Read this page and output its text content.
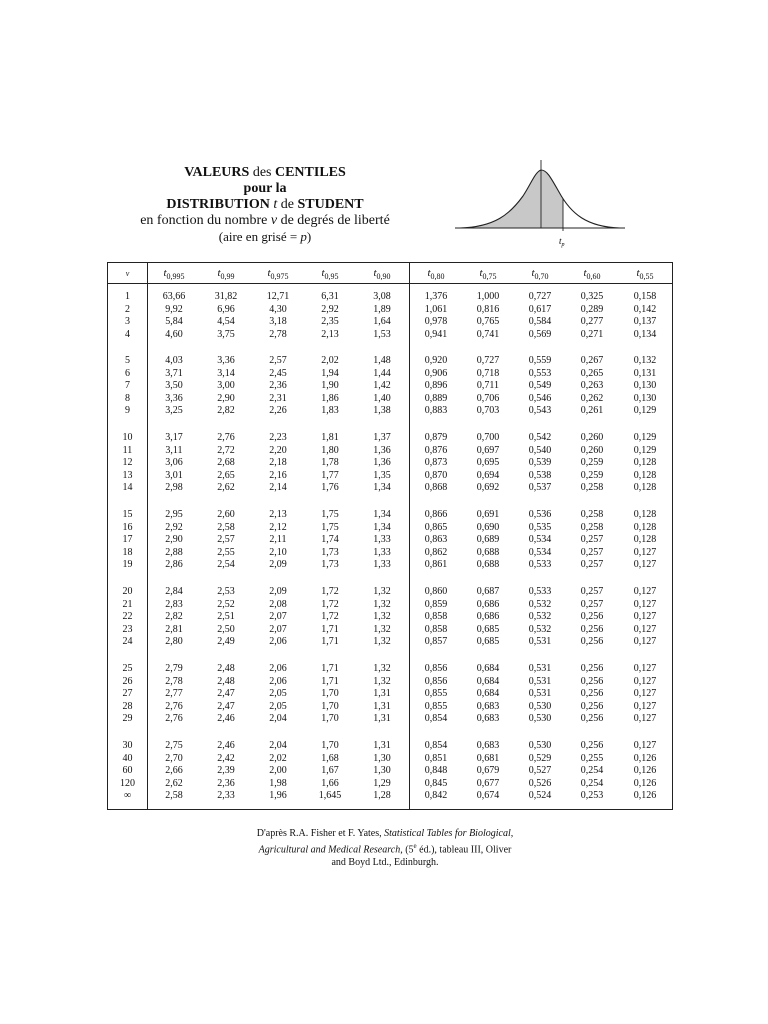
VALEURS des CENTILES
pour la
DISTRIBUTION t de STUDENT
en fonction du nombre ν de degrés de liberté
(aire en grisé = p)	$t_p$
ν	$t_{0,995}$	$t_{0,99}$	$t_{0,975}$	$t_{0,95}$	$t_{0,90}$	$t_{0,80}$	$t_{0,75}$	$t_{0,70}$	$t_{0,60}$	$t_{0,55}$
1	63,66	31,82	12,71	6,31	3,08	1,376	1,000	0,727	0,325	0,158
2	9,92	6,96	4,30	2,92	1,89	1,061	0,816	0,617	0,289	0,142
3	5,84	4,54	3,18	2,35	1,64	0,978	0,765	0,584	0,277	0,137
4	4,60	3,75	2,78	2,13	1,53	0,941	0,741	0,569	0,271	0,134
5	4,03	3,36	2,57	2,02	1,48	0,920	0,727	0,559	0,267	0,132
6	3,71	3,14	2,45	1,94	1,44	0,906	0,718	0,553	0,265	0,131
7	3,50	3,00	2,36	1,90	1,42	0,896	0,711	0,549	0,263	0,130
8	3,36	2,90	2,31	1,86	1,40	0,889	0,706	0,546	0,262	0,130
9	3,25	2,82	2,26	1,83	1,38	0,883	0,703	0,543	0,261	0,129
10	3,17	2,76	2,23	1,81	1,37	0,879	0,700	0,542	0,260	0,129
11	3,11	2,72	2,20	1,80	1,36	0,876	0,697	0,540	0,260	0,129
12	3,06	2,68	2,18	1,78	1,36	0,873	0,695	0,539	0,259	0,128
13	3,01	2,65	2,16	1,77	1,35	0,870	0,694	0,538	0,259	0,128
14	2,98	2,62	2,14	1,76	1,34	0,868	0,692	0,537	0,258	0,128
15	2,95	2,60	2,13	1,75	1,34	0,866	0,691	0,536	0,258	0,128
16	2,92	2,58	2,12	1,75	1,34	0,865	0,690	0,535	0,258	0,128
17	2,90	2,57	2,11	1,74	1,33	0,863	0,689	0,534	0,257	0,128
18	2,88	2,55	2,10	1,73	1,33	0,862	0,688	0,534	0,257	0,127
19	2,86	2,54	2,09	1,73	1,33	0,861	0,688	0,533	0,257	0,127
20	2,84	2,53	2,09	1,72	1,32	0,860	0,687	0,533	0,257	0,127
21	2,83	2,52	2,08	1,72	1,32	0,859	0,686	0,532	0,257	0,127
22	2,82	2,51	2,07	1,72	1,32	0,858	0,686	0,532	0,256	0,127
23	2,81	2,50	2,07	1,71	1,32	0,858	0,685	0,532	0,256	0,127
24	2,80	2,49	2,06	1,71	1,32	0,857	0,685	0,531	0,256	0,127
25	2,79	2,48	2,06	1,71	1,32	0,856	0,684	0,531	0,256	0,127
26	2,78	2,48	2,06	1,71	1,32	0,856	0,684	0,531	0,256	0,127
27	2,77	2,47	2,05	1,70	1,31	0,855	0,684	0,531	0,256	0,127
28	2,76	2,47	2,05	1,70	1,31	0,855	0,683	0,530	0,256	0,127
29	2,76	2,46	2,04	1,70	1,31	0,854	0,683	0,530	0,256	0,127
30	2,75	2,46	2,04	1,70	1,31	0,854	0,683	0,530	0,256	0,127
40	2,70	2,42	2,02	1,68	1,30	0,851	0,681	0,529	0,255	0,126
60	2,66	2,39	2,00	1,67	1,30	0,848	0,679	0,527	0,254	0,126
120	2,62	2,36	1,98	1,66	1,29	0,845	0,677	0,526	0,254	0,126
∞	2,58	2,33	1,96	1,645	1,28	0,842	0,674	0,524	0,253	0,126
D'après R.A. Fisher et F. Yates, Statistical Tables for Biological,
Agricultural and Medical Research, (5e éd.), tableau III, Oliver
and Boyd Ltd., Edinburgh.
